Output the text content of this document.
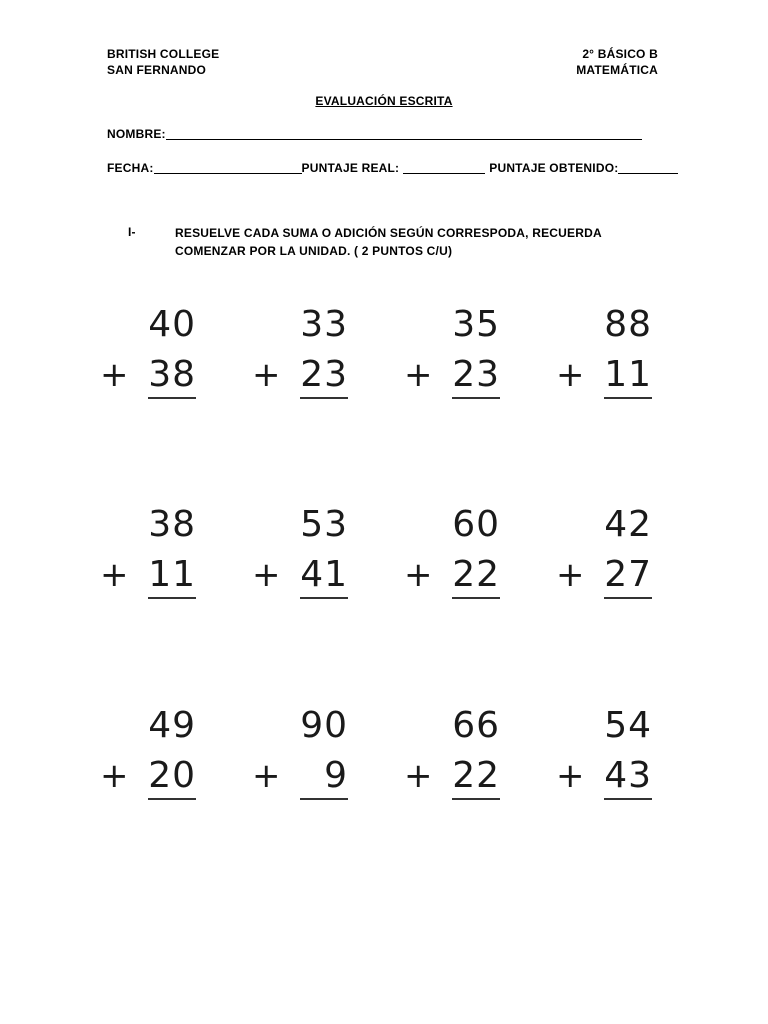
BRITISH COLLEGE
SAN FERNANDO
2° BÁSICO B
MATEMÁTICA
EVALUACIÓN ESCRITA
NOMBRE:
FECHA:	PUNTAJE REAL:	PUNTAJE OBTENIDO:
I-	RESUELVE CADA SUMA O ADICIÓN SEGÚN CORRESPODA, RECUERDA COMENZAR POR LA UNIDAD. ( 2 PUNTOS C/U)
40
+ 38
33
+ 23
35
+ 23
88
+ 11
38
+ 11
53
+ 41
60
+ 22
42
+ 27
49
+ 20
90
+ 9
66
+ 22
54
+ 43
